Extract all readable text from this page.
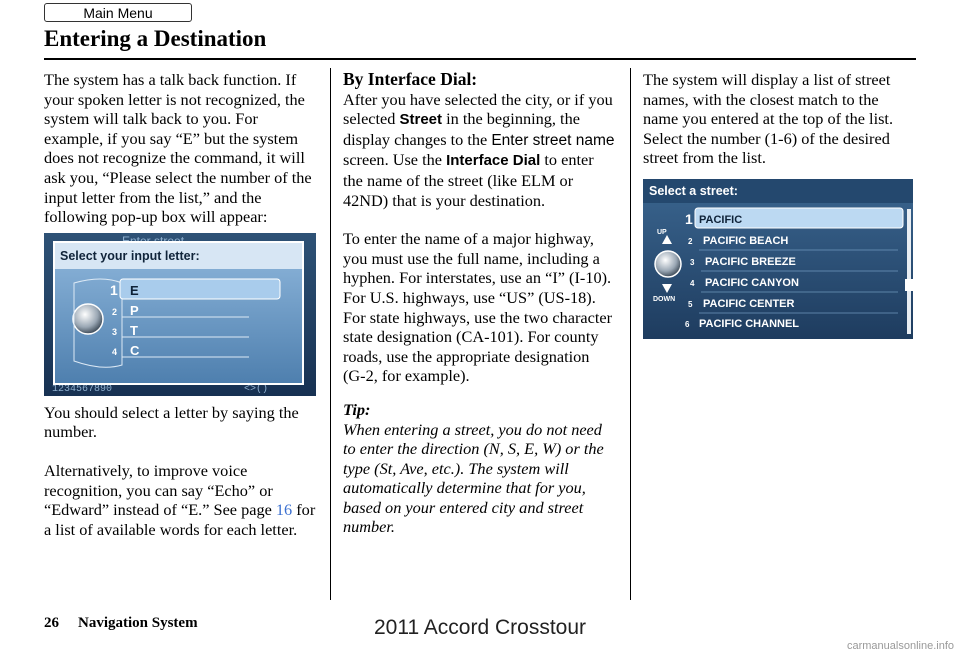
Main Menu
Entering a Destination

The system has a talk back function. If your spoken letter is not recognized, the system will talk back to you. For example, if you say “E” but the system does not recognize the command, it will ask you, “Please select the number of the input letter from the list,” and the following pop-up box will appear:

1234567890	<>()
Select your input letter:
1 E
2 P
3 T
4 C

You should select a letter by saying the number.

Alternatively, to improve voice recognition, you can say “Echo” or “Edward” instead of “E.” See page 16 for a list of available words for each letter.

By Interface Dial:

After you have selected the city, or if you selected Street in the beginning, the display changes to the Enter street name screen. Use the Interface Dial to enter the name of the street (like ELM or 42ND) that is your destination.

To enter the name of a major highway, you must use the full name, including a hyphen. For interstates, use an “I” (I-10). For U.S. highways, use “US” (US-18). For state highways, use the two character state designation (CA-101). For county roads, use the appropriate designation (G-2, for example).

Tip:

When entering a street, you do not need to enter the direction (N, S, E, W) or the type (St, Ave, etc.). The system will automatically determine that for you, based on your entered city and street number.

The system will display a list of street names, with the closest match to the name you entered at the top of the list. Select the number (1-6) of the desired street from the list.

Select a street:
UP
DOWN
1 PACIFIC
2 PACIFIC BEACH
3 PACIFIC BREEZE
4 PACIFIC CANYON
5 PACIFIC CENTER
6 PACIFIC CHANNEL
26 Navigation System	2011 Accord Crosstour
carmanualsonline.info
